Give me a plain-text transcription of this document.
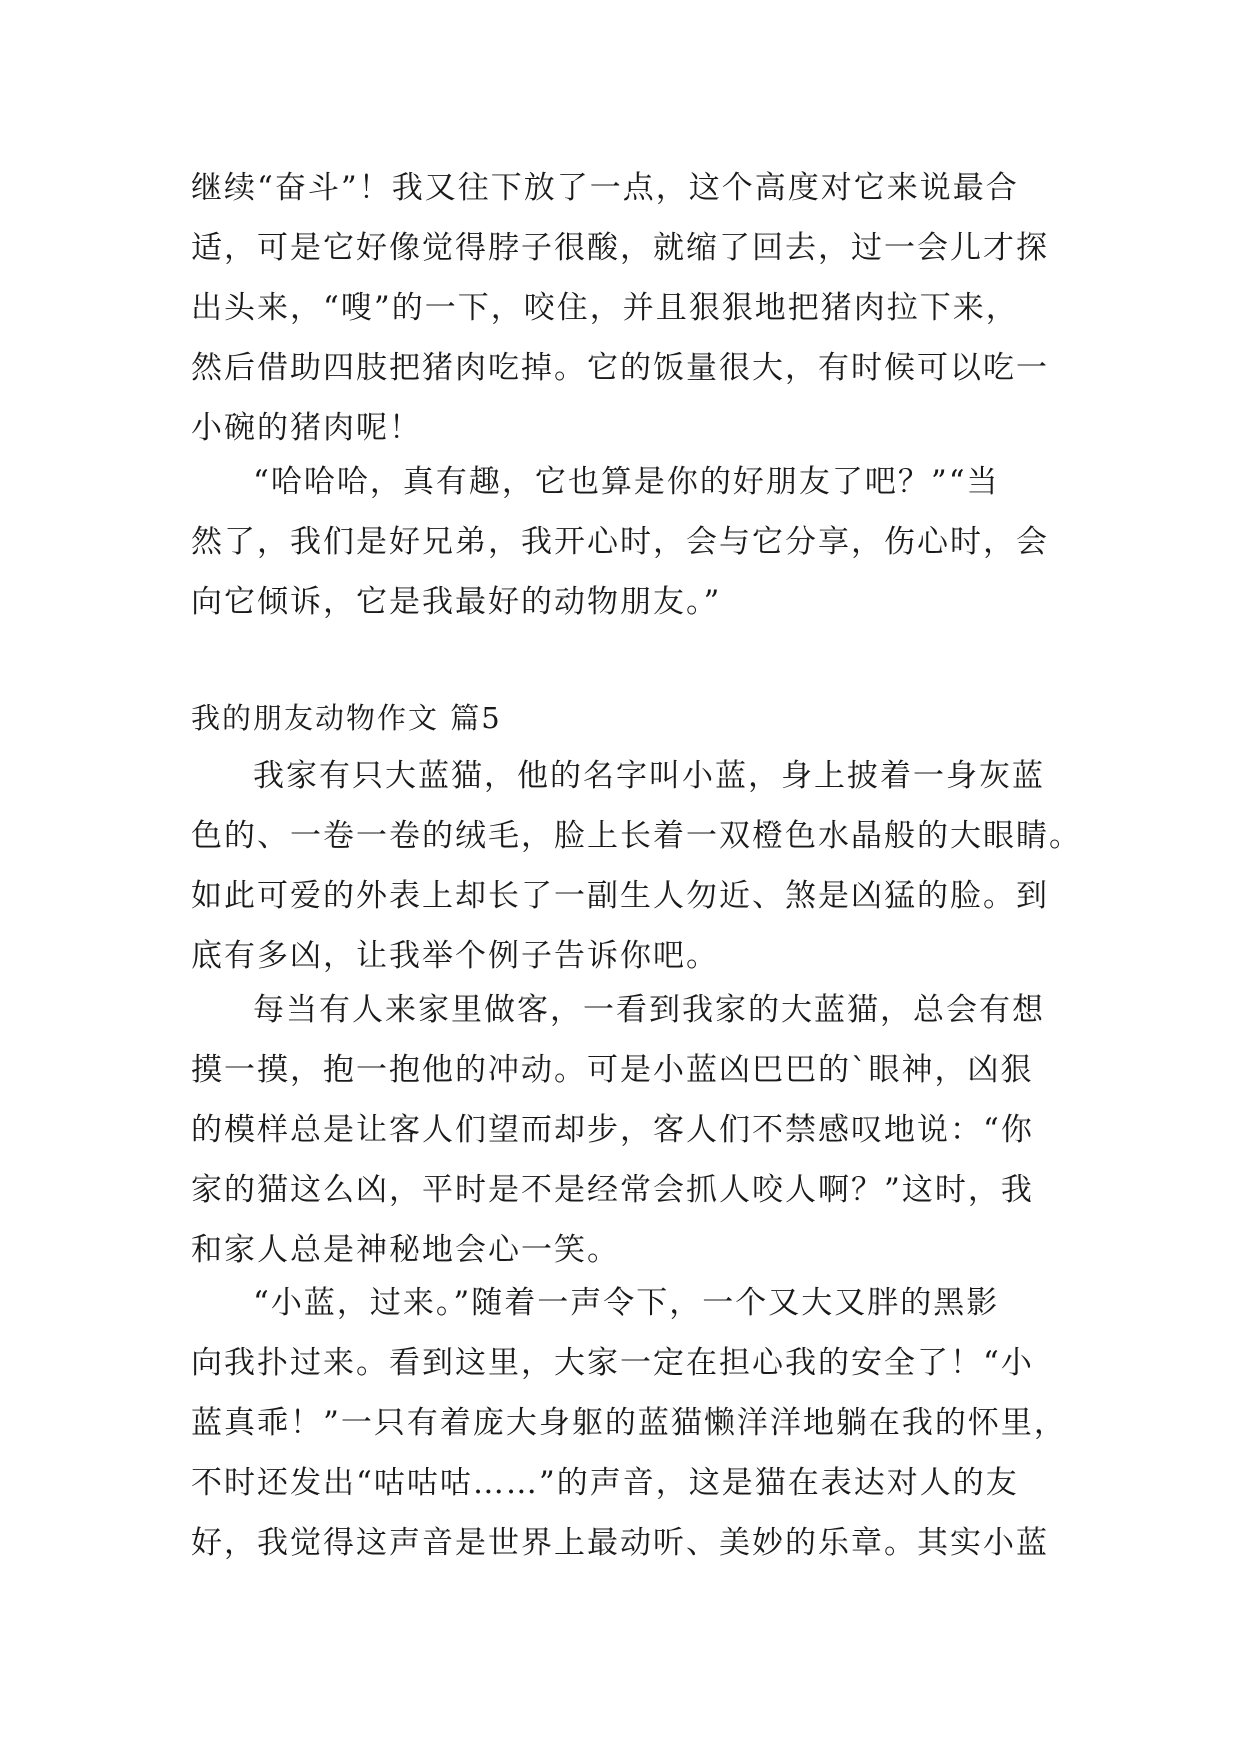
继续“奋斗”！我又往下放了一点，这个高度对它来说最合
适，可是它好像觉得脖子很酸，就缩了回去，过一会儿才探
出头来，“嗖”的一下，咬住，并且狠狠地把猪肉拉下来，
然后借助四肢把猪肉吃掉。它的饭量很大，有时候可以吃一
小碗的猪肉呢！
“哈哈哈，真有趣，它也算是你的好朋友了吧？”“当
然了，我们是好兄弟，我开心时，会与它分享，伤心时，会
向它倾诉，它是我最好的动物朋友。”
我的朋友动物作文 篇5
我家有只大蓝猫，他的名字叫小蓝，身上披着一身灰蓝
色的、一卷一卷的绒毛，脸上长着一双橙色水晶般的大眼睛。
如此可爱的外表上却长了一副生人勿近、煞是凶猛的脸。到
底有多凶，让我举个例子告诉你吧。
每当有人来家里做客，一看到我家的大蓝猫，总会有想
摸一摸，抱一抱他的冲动。可是小蓝凶巴巴的`眼神，凶狠
的模样总是让客人们望而却步，客人们不禁感叹地说：“你
家的猫这么凶，平时是不是经常会抓人咬人啊？”这时，我
和家人总是神秘地会心一笑。
“小蓝，过来。”随着一声令下，一个又大又胖的黑影
向我扑过来。看到这里，大家一定在担心我的安全了！“小
蓝真乖！”一只有着庞大身躯的蓝猫懒洋洋地躺在我的怀里，
不时还发出“咕咕咕……”的声音，这是猫在表达对人的友
好，我觉得这声音是世界上最动听、美妙的乐章。其实小蓝
